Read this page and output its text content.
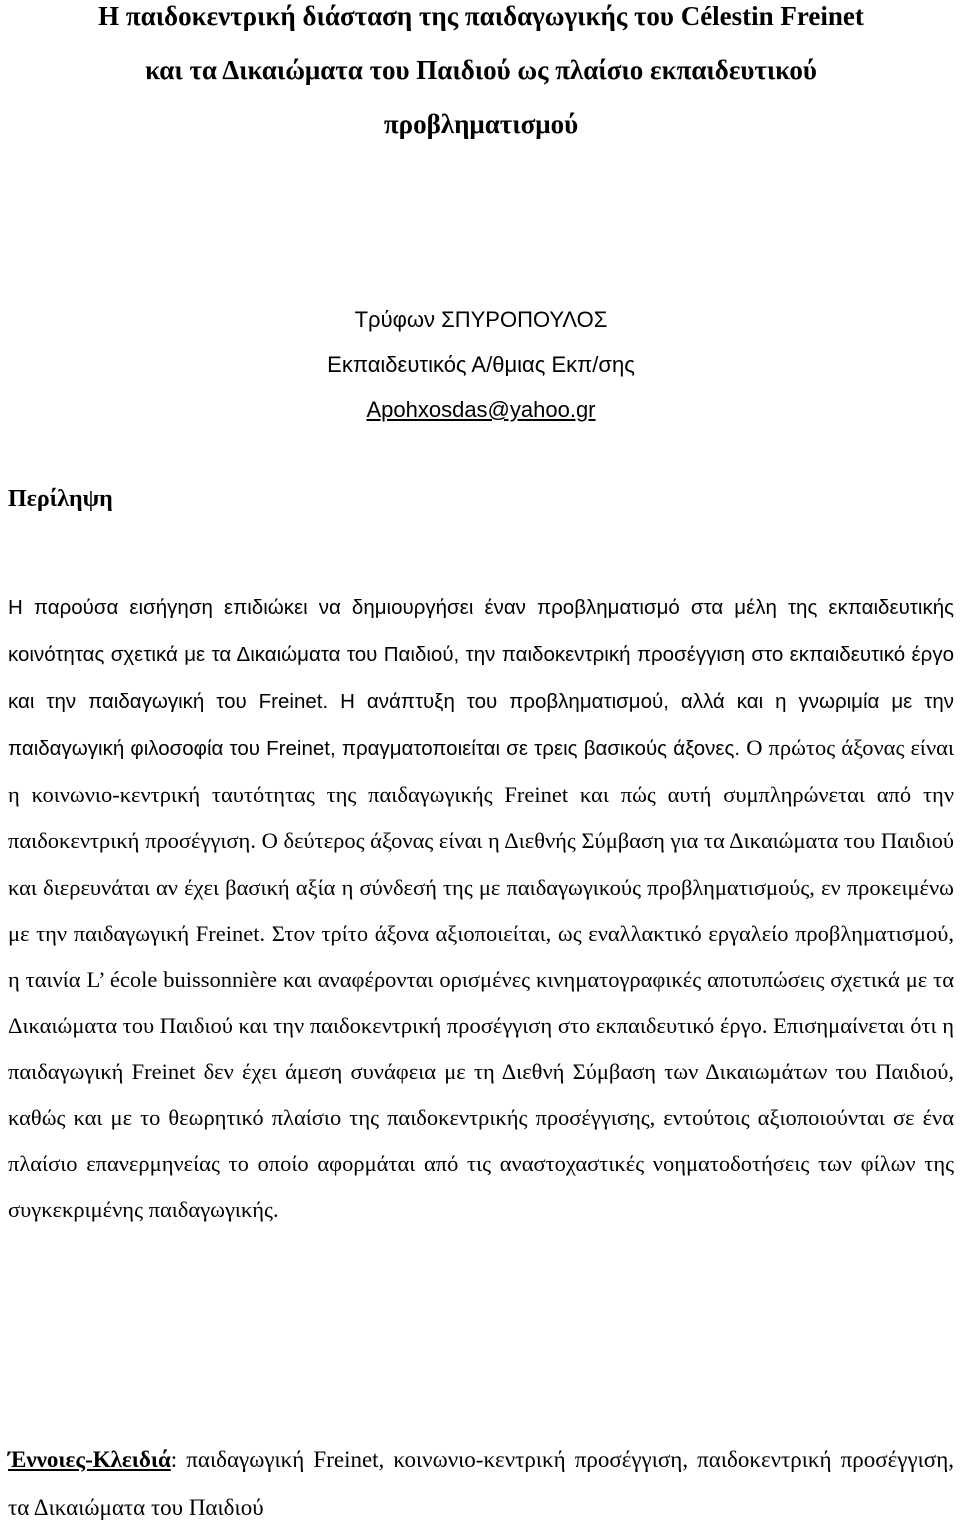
Η παιδοκεντρική διάσταση της παιδαγωγικής του Célestin Freinet
και τα Δικαιώματα του Παιδιού ως πλαίσιο εκπαιδευτικού
προβληματισμού
Τρύφων ΣΠΥΡΟΠΟΥΛΟΣ
Εκπαιδευτικός Α/θμιας Εκπ/σης
Apohxosdas@yahoo.gr
Περίληψη

Η παρούσα εισήγηση επιδιώκει να δημιουργήσει έναν προβληματισμό στα μέλη της εκπαιδευτικής κοινότητας σχετικά με τα Δικαιώματα του Παιδιού, την παιδοκεντρική προσέγγιση στο εκπαιδευτικό έργο και την παιδαγωγική του Freinet. Η ανάπτυξη του προβληματισμού, αλλά και η γνωριμία με την παιδαγωγική φιλοσοφία του Freinet, πραγματοποιείται σε τρεις βασικούς άξονες. Ο πρώτος άξονας είναι η κοινωνιο-κεντρική ταυτότητας της παιδαγωγικής Freinet και πώς αυτή συμπληρώνεται από την παιδοκεντρική προσέγγιση. Ο δεύτερος άξονας είναι η Διεθνής Σύμβαση για τα Δικαιώματα του Παιδιού και διερευνάται αν έχει βασική αξία η σύνδεσή της με παιδαγωγικούς προβληματισμούς, εν προκειμένω με την παιδαγωγική Freinet. Στον τρίτο άξονα αξιοποιείται, ως εναλλακτικό εργαλείο προβληματισμού, η ταινία L’ école buissonnière και αναφέρονται ορισμένες κινηματογραφικές αποτυπώσεις σχετικά με τα Δικαιώματα του Παιδιού και την παιδοκεντρική προσέγγιση στο εκπαιδευτικό έργο. Επισημαίνεται ότι η παιδαγωγική Freinet δεν έχει άμεση συνάφεια με τη Διεθνή Σύμβαση των Δικαιωμάτων του Παιδιού, καθώς και με το θεωρητικό πλαίσιο της παιδοκεντρικής προσέγγισης, εντούτοις αξιοποιούνται σε ένα πλαίσιο επανερμηνείας το οποίο αφορμάται από τις αναστοχαστικές νοηματοδοτήσεις των φίλων της συγκεκριμένης παιδαγωγικής.

Έννοιες-Κλειδιά: παιδαγωγική Freinet, κοινωνιο-κεντρική προσέγγιση, παιδοκεντρική προσέγγιση, τα Δικαιώματα του Παιδιού
